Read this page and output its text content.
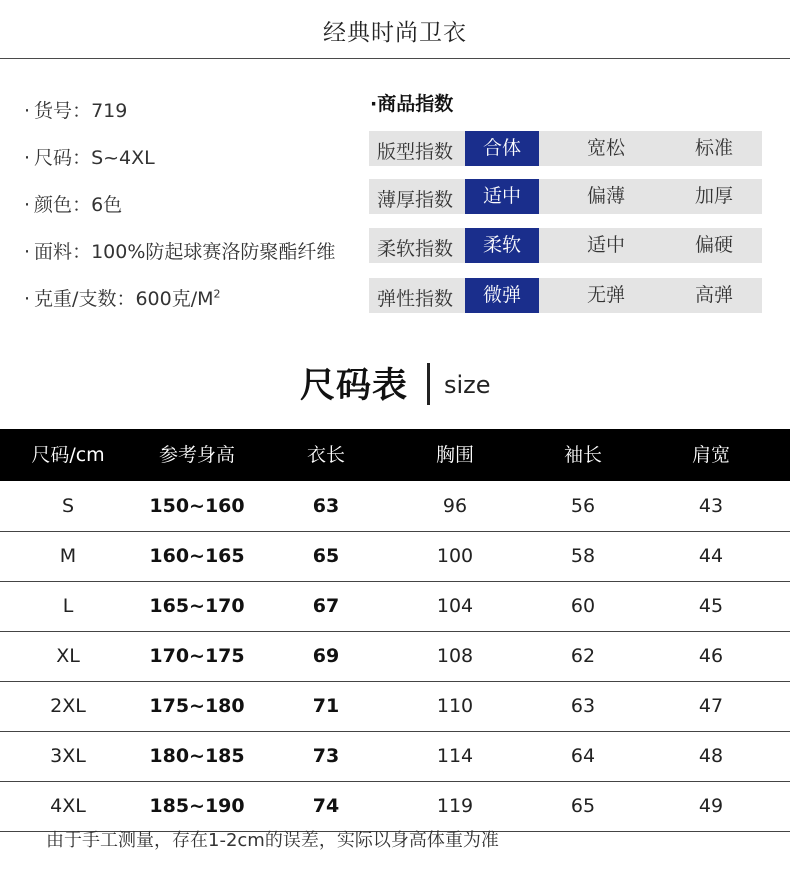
经典时尚卫衣
· 货号：719
· 尺码：S~4XL
· 颜色：6色
· 面料：100%防起球赛洛防聚酯纤维
· 克重/支数：600克$/M^2$
·商品指数
版型指数	合体	宽松	标准
薄厚指数	适中	偏薄	加厚
柔软指数	柔软	适中	偏硬
弹性指数	微弹	无弹	高弹
尺码表 size
尺码/cm	参考身高	衣长	胸围	袖长	肩宽
S	150~160	63	96	56	43
M	160~165	65	100	58	44
L	165~170	67	104	60	45
XL	170~175	69	108	62	46
2XL	175~180	71	110	63	47
3XL	180~185	73	114	64	48
4XL	185~190	74	119	65	49
由于手工测量，存在1-2cm的误差，实际以身高体重为准
